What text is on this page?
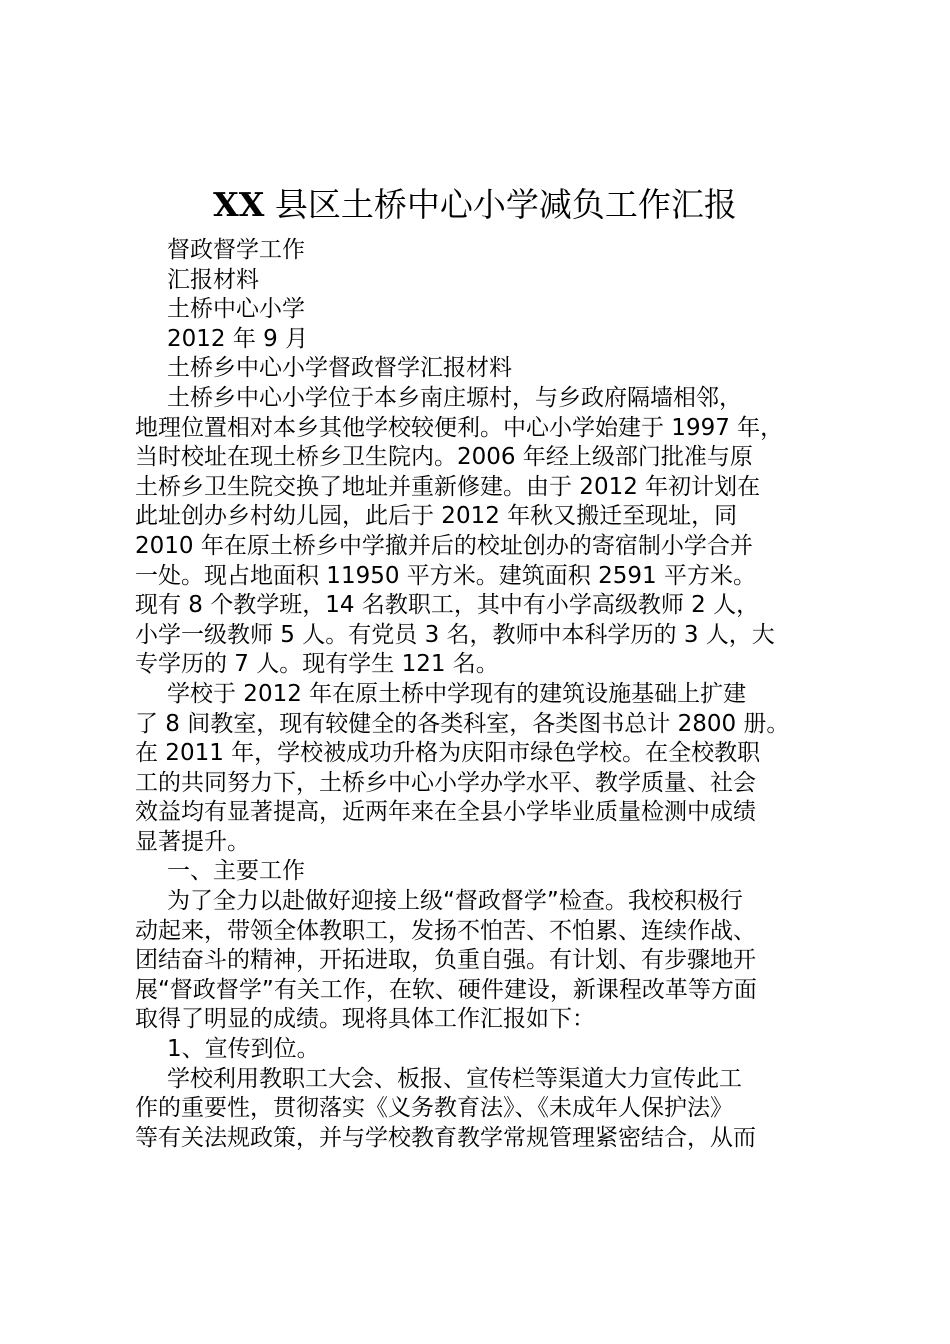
XX 县区土桥中心小学减负工作汇报
督政督学工作
汇报材料
土桥中心小学
2012 年 9 月
土桥乡中心小学督政督学汇报材料
土桥乡中心小学位于本乡南庄塬村，与乡政府隔墙相邻，
地理位置相对本乡其他学校较便利。中心小学始建于 1997 年，
当时校址在现土桥乡卫生院内。2006 年经上级部门批准与原
土桥乡卫生院交换了地址并重新修建。由于 2012 年初计划在
此址创办乡村幼儿园，此后于 2012 年秋又搬迁至现址，同
2010 年在原土桥乡中学撤并后的校址创办的寄宿制小学合并
一处。现占地面积 11950 平方米。建筑面积 2591 平方米。
现有 8 个教学班，14 名教职工，其中有小学高级教师 2 人，
小学一级教师 5 人。有党员 3 名，教师中本科学历的 3 人，大
专学历的 7 人。现有学生 121 名。
学校于 2012 年在原土桥中学现有的建筑设施基础上扩建
了 8 间教室，现有较健全的各类科室，各类图书总计 2800 册。
在 2011 年，学校被成功升格为庆阳市绿色学校。在全校教职
工的共同努力下，土桥乡中心小学办学水平、教学质量、社会
效益均有显著提高，近两年来在全县小学毕业质量检测中成绩
显著提升。
一、主要工作
为了全力以赴做好迎接上级“督政督学”检查。我校积极行
动起来，带领全体教职工，发扬不怕苦、不怕累、连续作战、
团结奋斗的精神，开拓进取，负重自强。有计划、有步骤地开
展“督政督学”有关工作，在软、硬件建设，新课程改革等方面
取得了明显的成绩。现将具体工作汇报如下：
1、宣传到位。
学校利用教职工大会、板报、宣传栏等渠道大力宣传此工
作的重要性，贯彻落实《义务教育法》、《未成年人保护法》
等有关法规政策，并与学校教育教学常规管理紧密结合，从而
